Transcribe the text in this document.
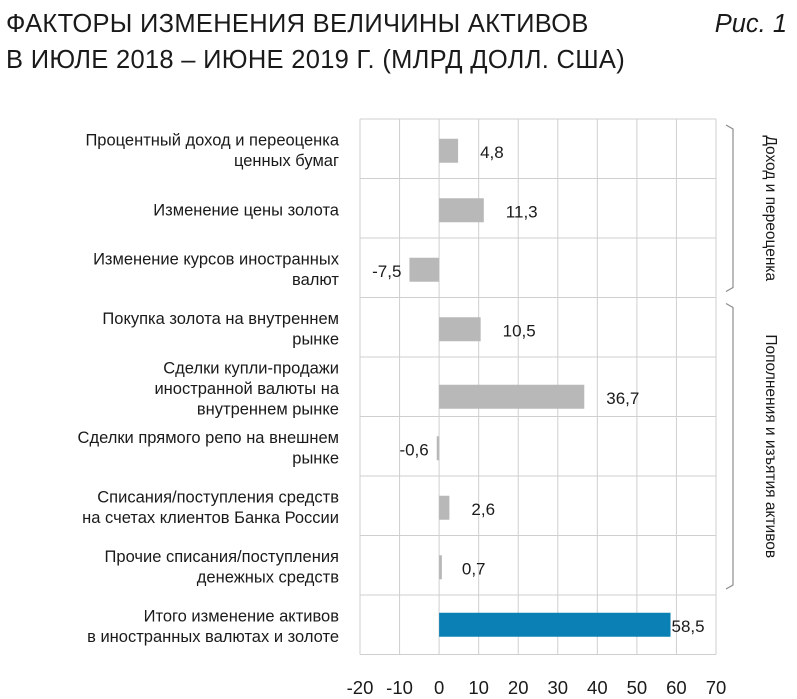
ФАКТОРЫ ИЗМЕНЕНИЯ ВЕЛИЧИНЫ АКТИВОВ
В ИЮЛЕ 2018 – ИЮНЕ 2019 Г. (МЛРД ДОЛЛ. США)
Рис. 1
4,8
Процентный доход и переоценка
ценных бумаг
11,3
Изменение цены золота
-7,5
Изменение курсов иностранных
валют
10,5
Покупка золота на внутреннем
рынке
36,7
Сделки купли-продажи
иностранной валюты на
внутреннем рынке
-0,6
Сделки прямого репо на внешнем
рынке
2,6
Списания/поступления средств
на счетах клиентов Банка России
0,7
Прочие списания/поступления
денежных средств
58,5
Итого изменение активов
в иностранных валютах и золоте
-20 -10 0 10 20 30 40 50 60 70
Доход и переоценка
Пополнения и изъятия активов
